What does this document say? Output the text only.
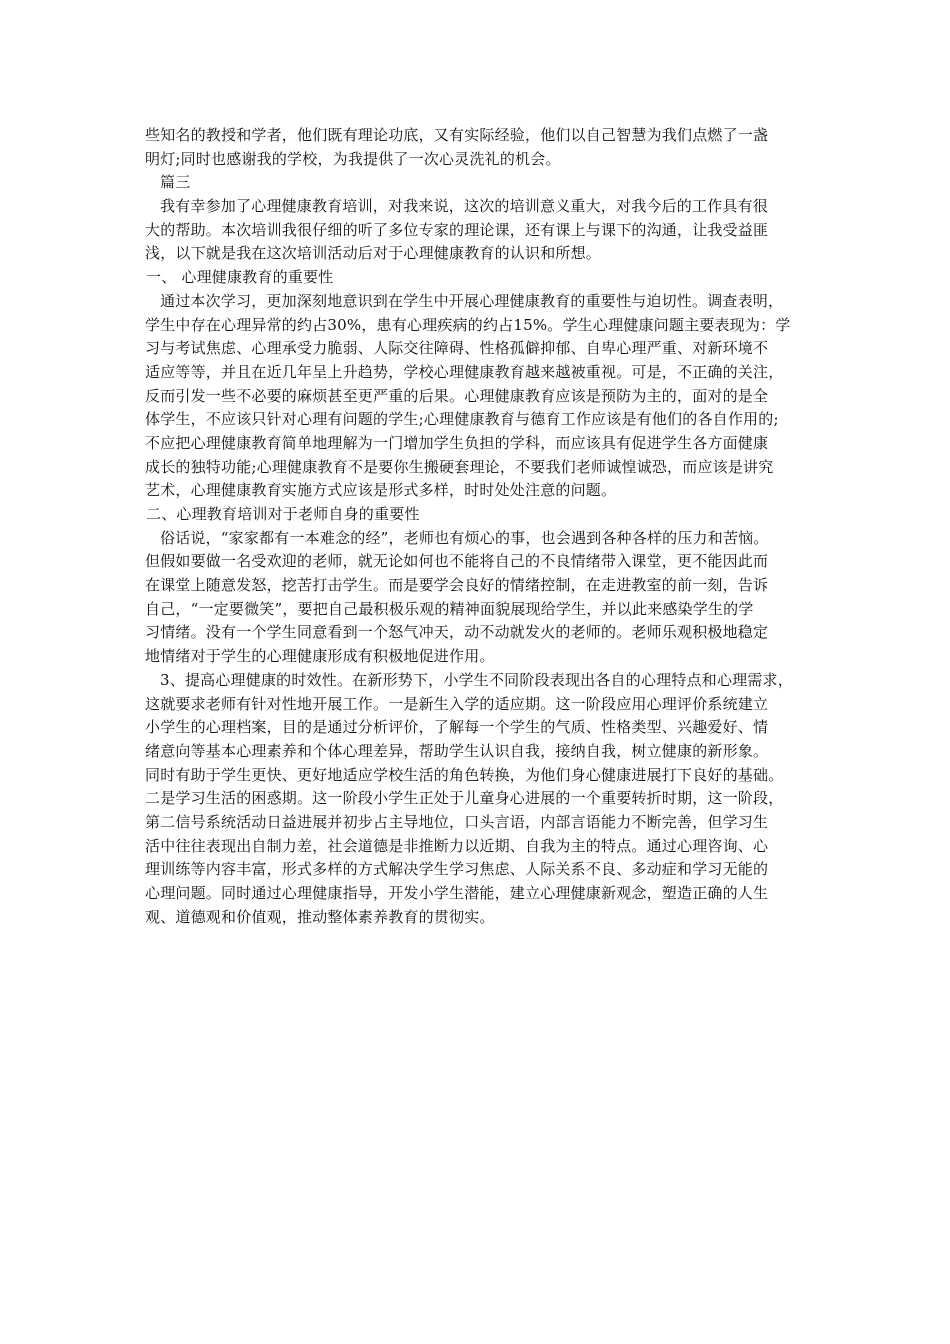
些知名的教授和学者，他们既有理论功底，又有实际经验，他们以自己智慧为我们点燃了一盏
明灯;同时也感谢我的学校，为我提供了一次心灵洗礼的机会。
篇三
我有幸参加了心理健康教育培训，对我来说，这次的培训意义重大，对我今后的工作具有很
大的帮助。本次培训我很仔细的听了多位专家的理论课，还有课上与课下的沟通，让我受益匪
浅，以下就是我在这次培训活动后对于心理健康教育的认识和所想。
一、 心理健康教育的重要性
通过本次学习，更加深刻地意识到在学生中开展心理健康教育的重要性与迫切性。调查表明，
学生中存在心理异常的约占30%，患有心理疾病的约占15%。学生心理健康问题主要表现为：学
习与考试焦虑、心理承受力脆弱、人际交往障碍、性格孤僻抑郁、自卑心理严重、对新环境不
适应等等，并且在近几年呈上升趋势，学校心理健康教育越来越被重视。可是，不正确的关注，
反而引发一些不必要的麻烦甚至更严重的后果。心理健康教育应该是预防为主的，面对的是全
体学生，不应该只针对心理有问题的学生;心理健康教育与德育工作应该是有他们的各自作用的;
不应把心理健康教育简单地理解为一门增加学生负担的学科，而应该具有促进学生各方面健康
成长的独特功能;心理健康教育不是要你生搬硬套理论，不要我们老师诚惶诚恐，而应该是讲究
艺术，心理健康教育实施方式应该是形式多样，时时处处注意的问题。
二、心理教育培训对于老师自身的重要性
俗话说，“家家都有一本难念的经”，老师也有烦心的事，也会遇到各种各样的压力和苦恼。
但假如要做一名受欢迎的老师，就无论如何也不能将自己的不良情绪带入课堂，更不能因此而
在课堂上随意发怒，挖苦打击学生。而是要学会良好的情绪控制，在走进教室的前一刻，告诉
自己，“一定要微笑”，要把自己最积极乐观的精神面貌展现给学生，并以此来感染学生的学
习情绪。没有一个学生同意看到一个怒气冲天，动不动就发火的老师的。老师乐观积极地稳定
地情绪对于学生的心理健康形成有积极地促进作用。
3、提高心理健康的时效性。在新形势下，小学生不同阶段表现出各自的心理特点和心理需求，
这就要求老师有针对性地开展工作。一是新生入学的适应期。这一阶段应用心理评价系统建立
小学生的心理档案，目的是通过分析评价，了解每一个学生的气质、性格类型、兴趣爱好、情
绪意向等基本心理素养和个体心理差异，帮助学生认识自我，接纳自我，树立健康的新形象。
同时有助于学生更快、更好地适应学校生活的角色转换，为他们身心健康进展打下良好的基础。
二是学习生活的困惑期。这一阶段小学生正处于儿童身心进展的一个重要转折时期，这一阶段，
第二信号系统活动日益进展并初步占主导地位，口头言语，内部言语能力不断完善，但学习生
活中往往表现出自制力差，社会道德是非推断力以近期、自我为主的特点。通过心理咨询、心
理训练等内容丰富，形式多样的方式解决学生学习焦虑、人际关系不良、多动症和学习无能的
心理问题。同时通过心理健康指导，开发小学生潜能，建立心理健康新观念，塑造正确的人生
观、道德观和价值观，推动整体素养教育的贯彻实。
